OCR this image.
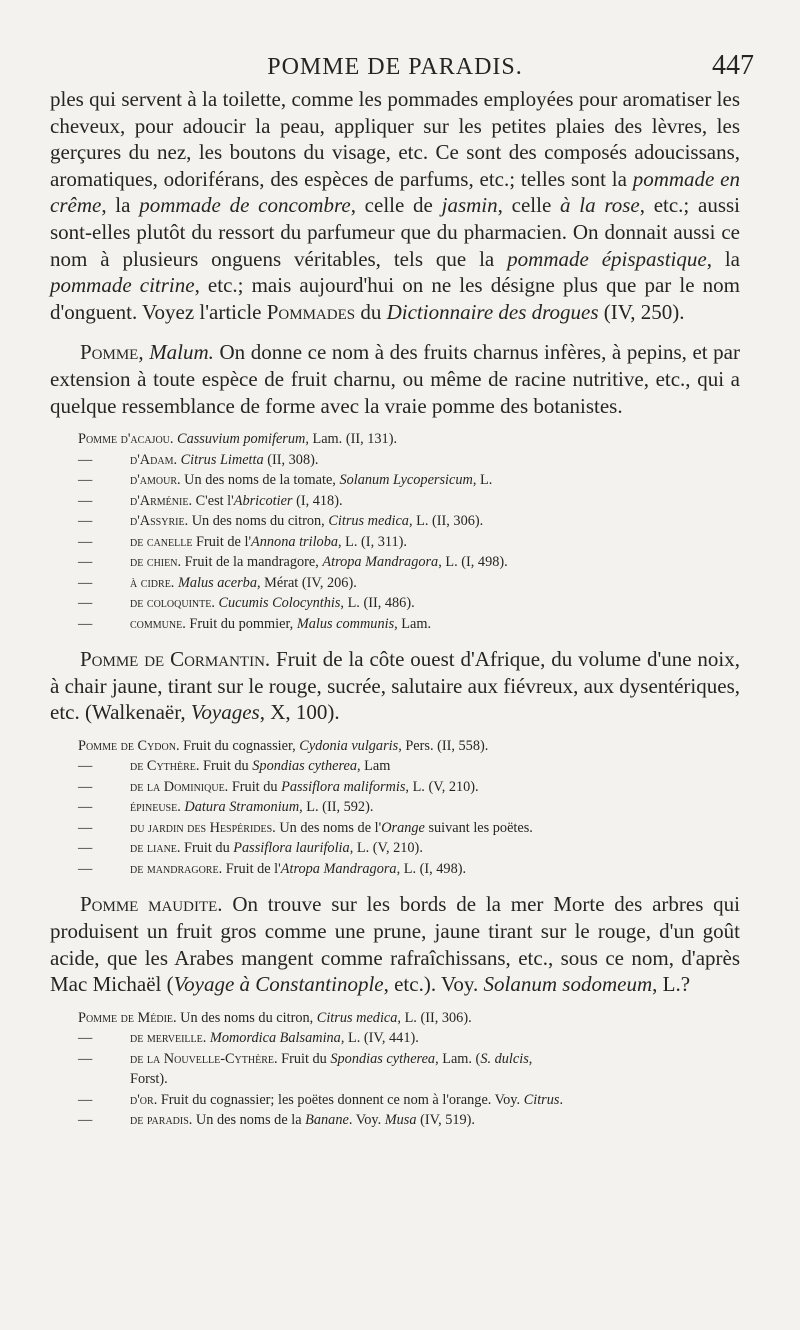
POMME DE PARADIS.	447

ples qui servent à la toilette, comme les pommades employées pour aromatiser les cheveux, pour adoucir la peau, appliquer sur les petites plaies des lèvres, les gerçures du nez, les boutons du visage, etc. Ce sont des composés adoucissans, aromatiques, odoriférans, des espèces de parfums, etc.; telles sont la pommade en crême, la pommade de concombre, celle de jasmin, celle à la rose, etc.; aussi sont-elles plutôt du ressort du parfumeur que du pharmacien. On donnait aussi ce nom à plusieurs onguens véritables, tels que la pommade épispastique, la pommade citrine, etc.; mais aujourd'hui on ne les désigne plus que par le nom d'onguent. Voyez l'article Pommades du Dictionnaire des drogues (IV, 250).

Pomme, Malum. On donne ce nom à des fruits charnus infères, à pepins, et par extension à toute espèce de fruit charnu, ou même de racine nutritive, etc., qui a quelque ressemblance de forme avec la vraie pomme des botanistes.

Pomme d'acajou. Cassuvium pomiferum, Lam. (II, 131).
—	d'Adam. Citrus Limetta (II, 308).
—	d'amour. Un des noms de la tomate, Solanum Lycopersicum, L.
—	d'Arménie. C'est l'Abricotier (I, 418).
—	d'Assyrie. Un des noms du citron, Citrus medica, L. (II, 306).
—	de canelle Fruit de l'Annona triloba, L. (I, 311).
—	de chien. Fruit de la mandragore, Atropa Mandragora, L. (I, 498).
—	à cidre. Malus acerba, Mérat (IV, 206).
—	de coloquinte. Cucumis Colocynthis, L. (II, 486).
—	commune. Fruit du pommier, Malus communis, Lam.

Pomme de Cormantin. Fruit de la côte ouest d'Afrique, du volume d'une noix, à chair jaune, tirant sur le rouge, sucrée, salutaire aux fiévreux, aux dysentériques, etc. (Walkenaër, Voyages, X, 100).

Pomme de Cydon. Fruit du cognassier, Cydonia vulgaris, Pers. (II, 558).
—	de Cythère. Fruit du Spondias cytherea, Lam
—	de la Dominique. Fruit du Passiflora maliformis, L. (V, 210).
—	épineuse. Datura Stramonium, L. (II, 592).
—	du jardin des Hespérides. Un des noms de l'Orange suivant les poëtes.
—	de liane. Fruit du Passiflora laurifolia, L. (V, 210).
—	de mandragore. Fruit de l'Atropa Mandragora, L. (I, 498).

Pomme maudite. On trouve sur les bords de la mer Morte des arbres qui produisent un fruit gros comme une prune, jaune tirant sur le rouge, d'un goût acide, que les Arabes mangent comme rafraîchissans, etc., sous ce nom, d'après Mac Michaël (Voyage à Constantinople, etc.). Voy. Solanum sodomeum, L.?

Pomme de Médie. Un des noms du citron, Citrus medica, L. (II, 306).
—	de merveille. Momordica Balsamina, L. (IV, 441).
—	de la Nouvelle-Cythère. Fruit du Spondias cytherea, Lam. (S. dulcis,
Forst).
—	d'or. Fruit du cognassier; les poëtes donnent ce nom à l'orange. Voy. Citrus.
—	de paradis. Un des noms de la Banane. Voy. Musa (IV, 519).
